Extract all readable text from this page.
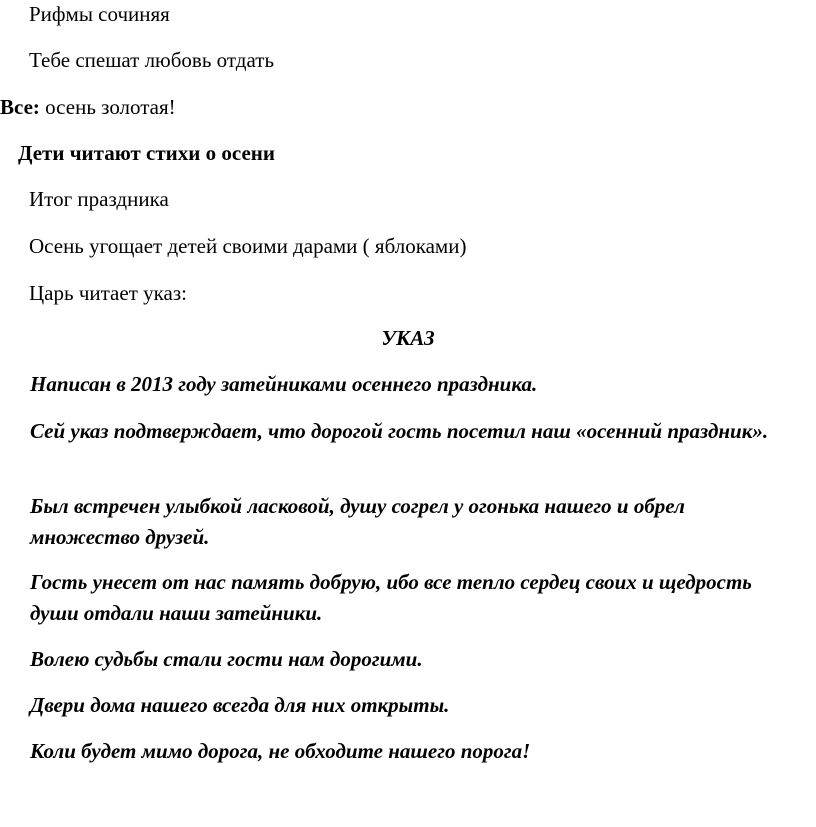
Рифмы сочиняя

Тебе спешат любовь отдать

Все: осень золотая!

Дети читают стихи о осени

Итог праздника

Осень угощает детей своими дарами ( яблоками)

Царь читает указ:

УКАЗ

Написан в 2013 году затейниками осеннего праздника.

Сей указ подтверждает, что дорогой гость посетил наш «осенний праздник».

Был встречен улыбкой ласковой, душу согрел у огонька нашего и обрел множество друзей.

Гость унесет от нас память добрую, ибо все тепло сердец своих и щедрость души отдали наши затейники.

Волею судьбы стали гости нам дорогими.

Двери дома нашего всегда для них открыты.

Коли будет мимо дорога, не обходите нашего порога!
